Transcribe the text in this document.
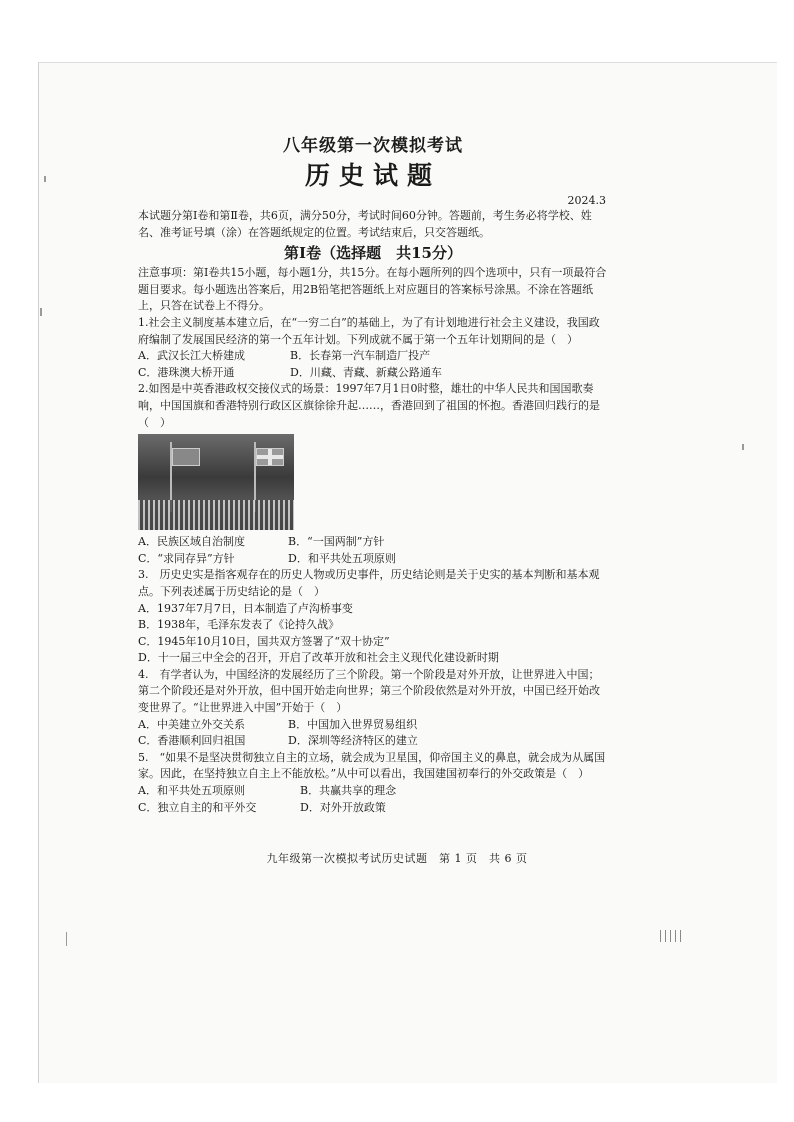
八年级第一次模拟考试
历史试题
2024.3

本试题分第Ⅰ卷和第Ⅱ卷，共6页，满分50分，考试时间60分钟。答题前，考生务必将学校、姓名、准考证号填（涂）在答题纸规定的位置。考试结束后，只交答题纸。

第Ⅰ卷（选择题　共15分）

注意事项：第Ⅰ卷共15小题，每小题1分，共15分。在每小题所列的四个选项中，只有一项最符合题目要求。每小题选出答案后，用2B铅笔把答题纸上对应题目的答案标号涂黑。不涂在答题纸上，只答在试卷上不得分。

1.社会主义制度基本建立后，在“一穷二白”的基础上，为了有计划地进行社会主义建设，我国政府编制了发展国民经济的第一个五年计划。下列成就不属于第一个五年计划期间的是（　）

A．武汉长江大桥建成	B．长春第一汽车制造厂投产
C．港珠澳大桥开通	D．川藏、青藏、新藏公路通车

2.如图是中英香港政权交接仪式的场景：1997年7月1日0时整，雄壮的中华人民共和国国歌奏响，中国国旗和香港特别行政区区旗徐徐升起……，香港回到了祖国的怀抱。香港回归践行的是（　）

A．民族区域自治制度	B．“一国两制”方针
C．“求同存异”方针	D．和平共处五项原则

3.　历史史实是指客观存在的历史人物或历史事件，历史结论则是关于史实的基本判断和基本观点。下列表述属于历史结论的是（　）

A．1937年7月7日，日本制造了卢沟桥事变

B．1938年，毛泽东发表了《论持久战》

C．1945年10月10日，国共双方签署了“双十协定”

D．十一届三中全会的召开，开启了改革开放和社会主义现代化建设新时期

4.　有学者认为，中国经济的发展经历了三个阶段。第一个阶段是对外开放，让世界进入中国；第二个阶段还是对外开放，但中国开始走向世界；第三个阶段依然是对外开放，中国已经开始改变世界了。“让世界进入中国”开始于（　）

A．中美建立外交关系	B．中国加入世界贸易组织
C．香港顺利回归祖国	D．深圳等经济特区的建立

5.　“如果不是坚决贯彻独立自主的立场，就会成为卫星国，仰帝国主义的鼻息，就会成为从属国家。因此，在坚持独立自主上不能放松。”从中可以看出，我国建国初奉行的外交政策是（　）

A．和平共处五项原则	B．共赢共享的理念
C．独立自主的和平外交	D．对外开放政策
九年级第一次模拟考试历史试题　第 1 页　共 6 页
